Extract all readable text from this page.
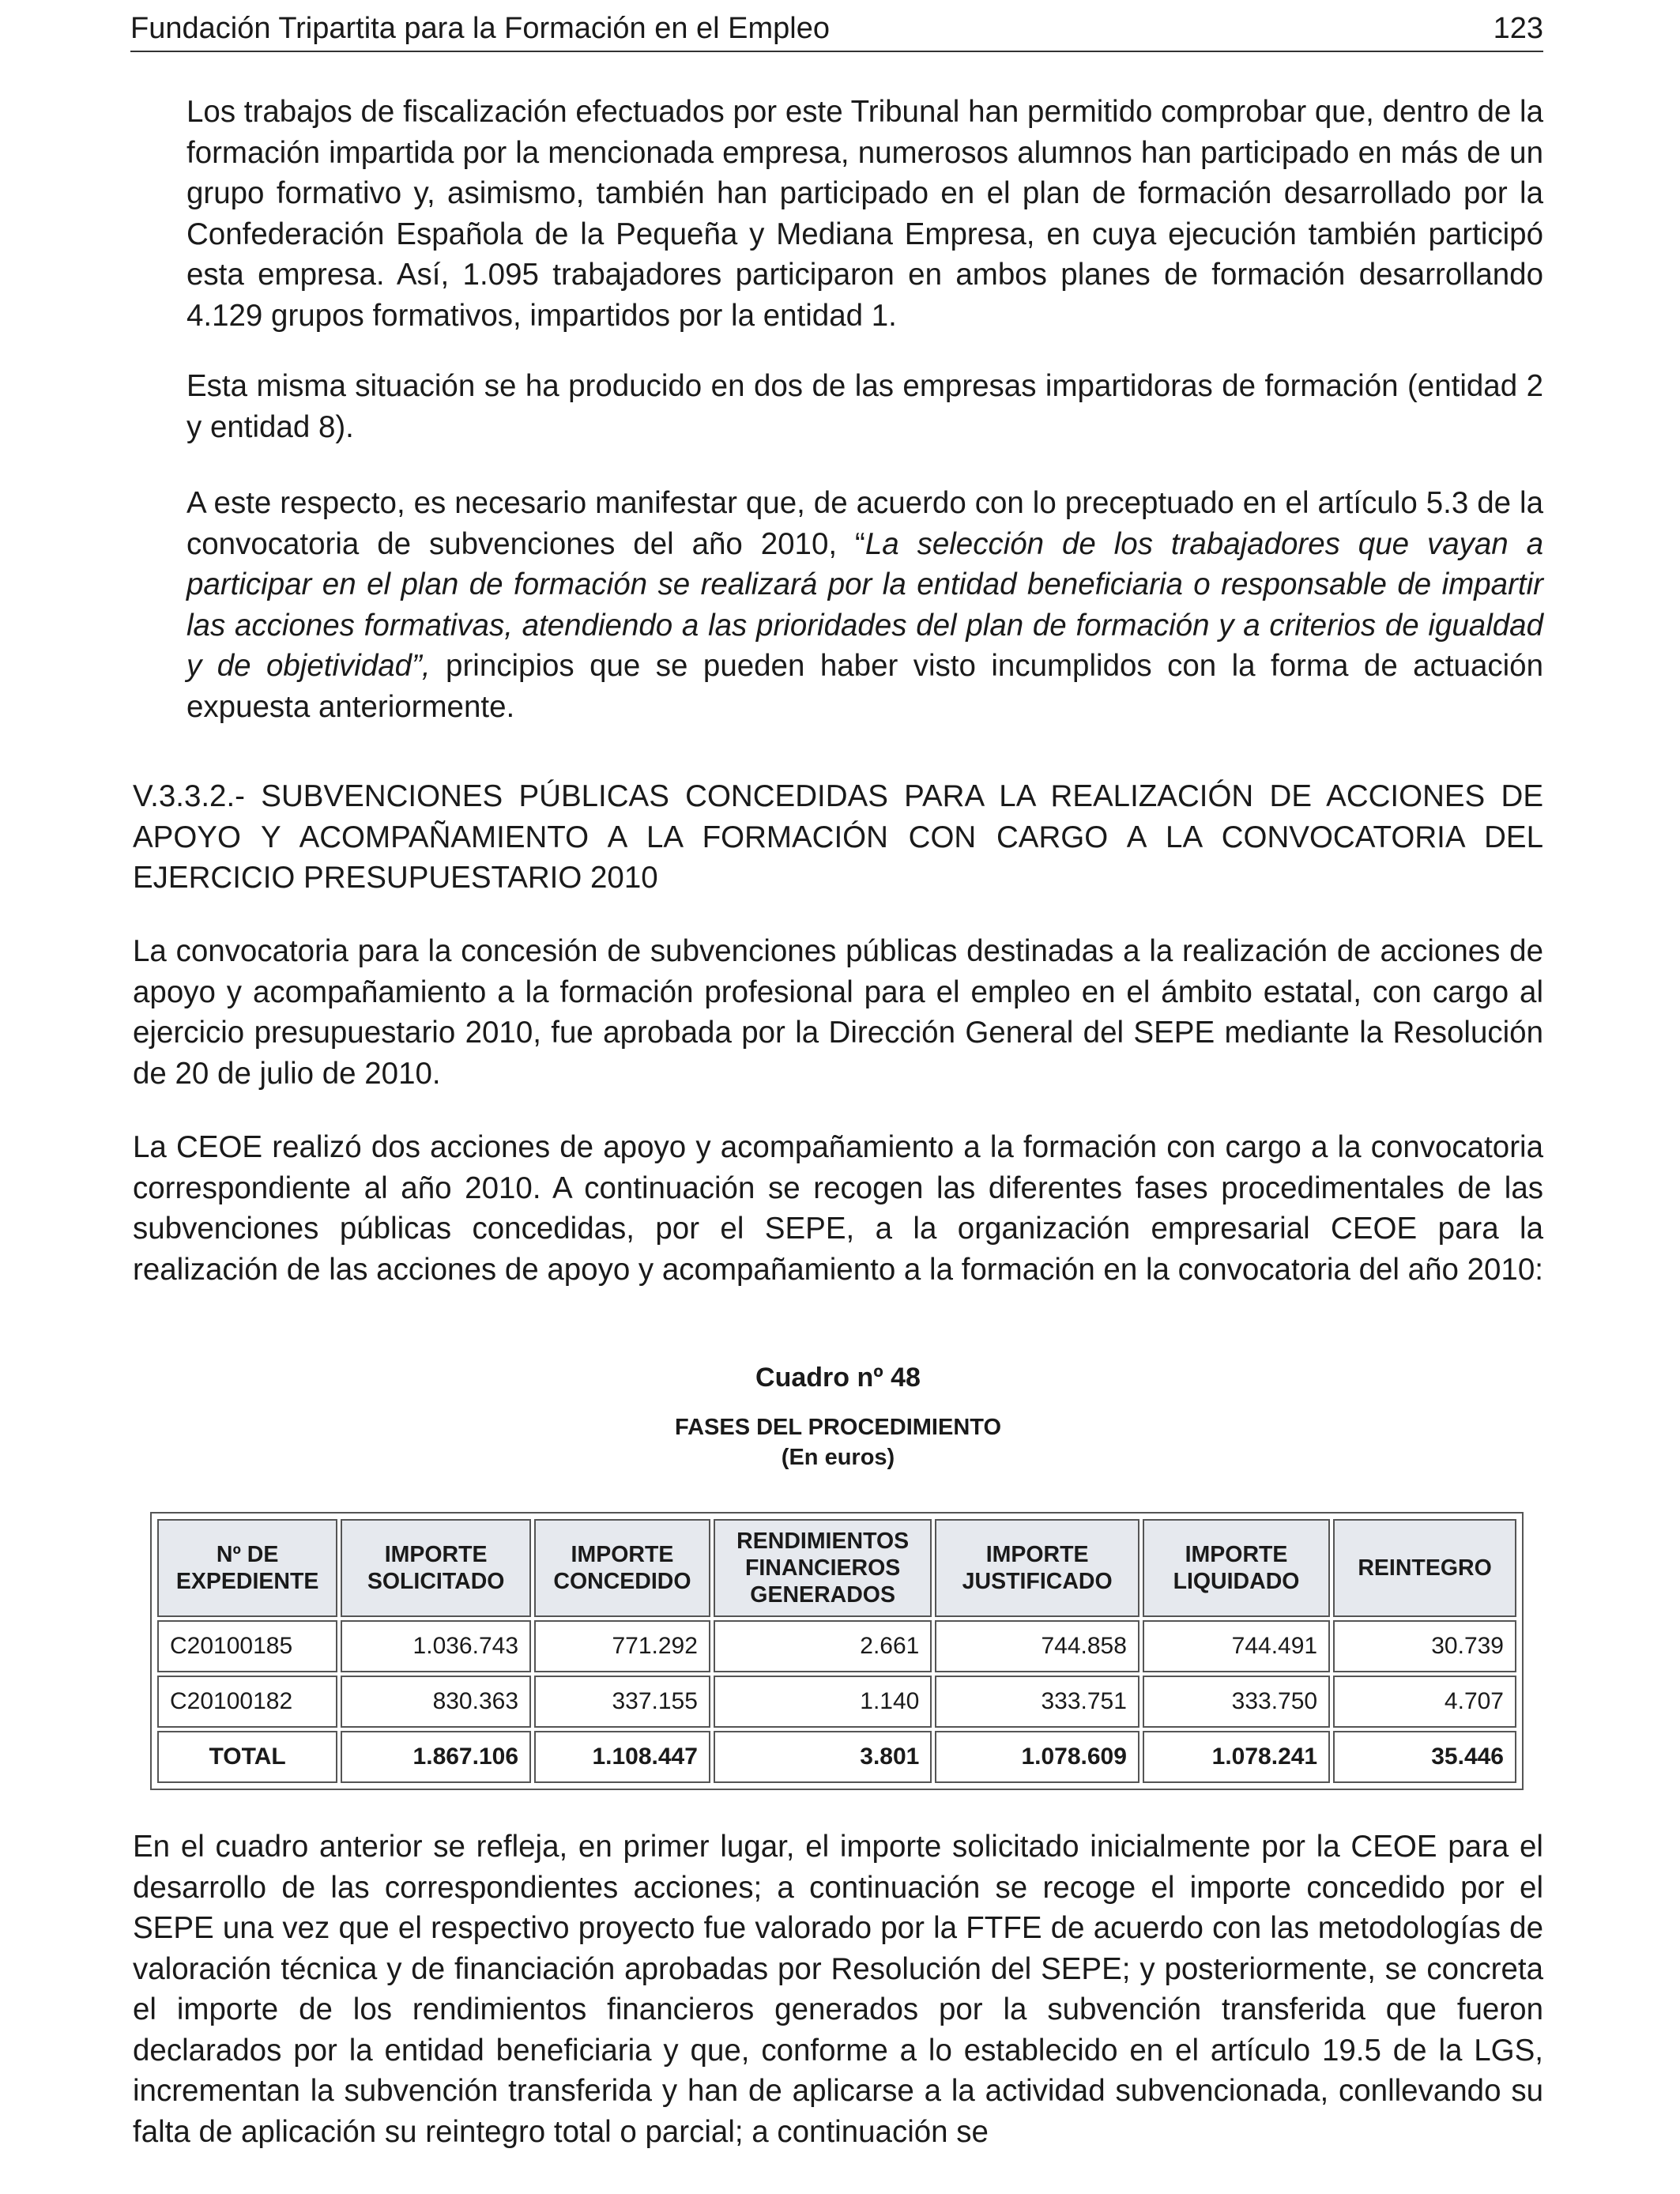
Fundación Tripartita para la Formación en el Empleo	123

Los trabajos de fiscalización efectuados por este Tribunal han permitido comprobar que, dentro de la formación impartida por la mencionada empresa, numerosos alumnos han participado en más de un grupo formativo y, asimismo, también han participado en el plan de formación desarrollado por la Confederación Española de la Pequeña y Mediana Empresa, en cuya ejecución también participó esta empresa. Así, 1.095 trabajadores participaron en ambos planes de formación desarrollando 4.129 grupos formativos, impartidos por la entidad 1.

Esta misma situación se ha producido en dos de las empresas impartidoras de formación (entidad 2 y entidad 8).

A este respecto, es necesario manifestar que, de acuerdo con lo preceptuado en el artículo 5.3 de la convocatoria de subvenciones del año 2010, “La selección de los trabajadores que vayan a participar en el plan de formación se realizará por la entidad beneficiaria o responsable de impartir las acciones formativas, atendiendo a las prioridades del plan de formación y a criterios de igualdad y de objetividad”, principios que se pueden haber visto incumplidos con la forma de actuación expuesta anteriormente.

V.3.3.2.- SUBVENCIONES PÚBLICAS CONCEDIDAS PARA LA REALIZACIÓN DE ACCIONES DE APOYO Y ACOMPAÑAMIENTO A LA FORMACIÓN CON CARGO A LA CONVOCATORIA DEL EJERCICIO PRESUPUESTARIO 2010

La convocatoria para la concesión de subvenciones públicas destinadas a la realización de acciones de apoyo y acompañamiento a la formación profesional para el empleo en el ámbito estatal, con cargo al ejercicio presupuestario 2010, fue aprobada por la Dirección General del SEPE mediante la Resolución de 20 de julio de 2010.

La CEOE realizó dos acciones de apoyo y acompañamiento a la formación con cargo a la convocatoria correspondiente al año 2010. A continuación se recogen las diferentes fases procedimentales de las subvenciones públicas concedidas, por el SEPE, a la organización empresarial CEOE para la realización de las acciones de apoyo y acompañamiento a la formación en la convocatoria del año 2010:

Cuadro nº 48

FASES DEL PROCEDIMIENTO

(En euros)

Nº DE EXPEDIENTE	IMPORTE SOLICITADO	IMPORTE CONCEDIDO	RENDIMIENTOS FINANCIEROS GENERADOS	IMPORTE JUSTIFICADO	IMPORTE LIQUIDADO	REINTEGRO
C20100185	1.036.743	771.292	2.661	744.858	744.491	30.739
C20100182	830.363	337.155	1.140	333.751	333.750	4.707
TOTAL	1.867.106	1.108.447	3.801	1.078.609	1.078.241	35.446

En el cuadro anterior se refleja, en primer lugar, el importe solicitado inicialmente por la CEOE para el desarrollo de las correspondientes acciones; a continuación se recoge el importe concedido por el SEPE una vez que el respectivo proyecto fue valorado por la FTFE de acuerdo con las metodologías de valoración técnica y de financiación aprobadas por Resolución del SEPE; y posteriormente, se concreta el importe de los rendimientos financieros generados por la subvención transferida que fueron declarados por la entidad beneficiaria y que, conforme a lo establecido en el artículo 19.5 de la LGS, incrementan la subvención transferida y han de aplicarse a la actividad subvencionada, conllevando su falta de aplicación su reintegro total o parcial; a continuación se
